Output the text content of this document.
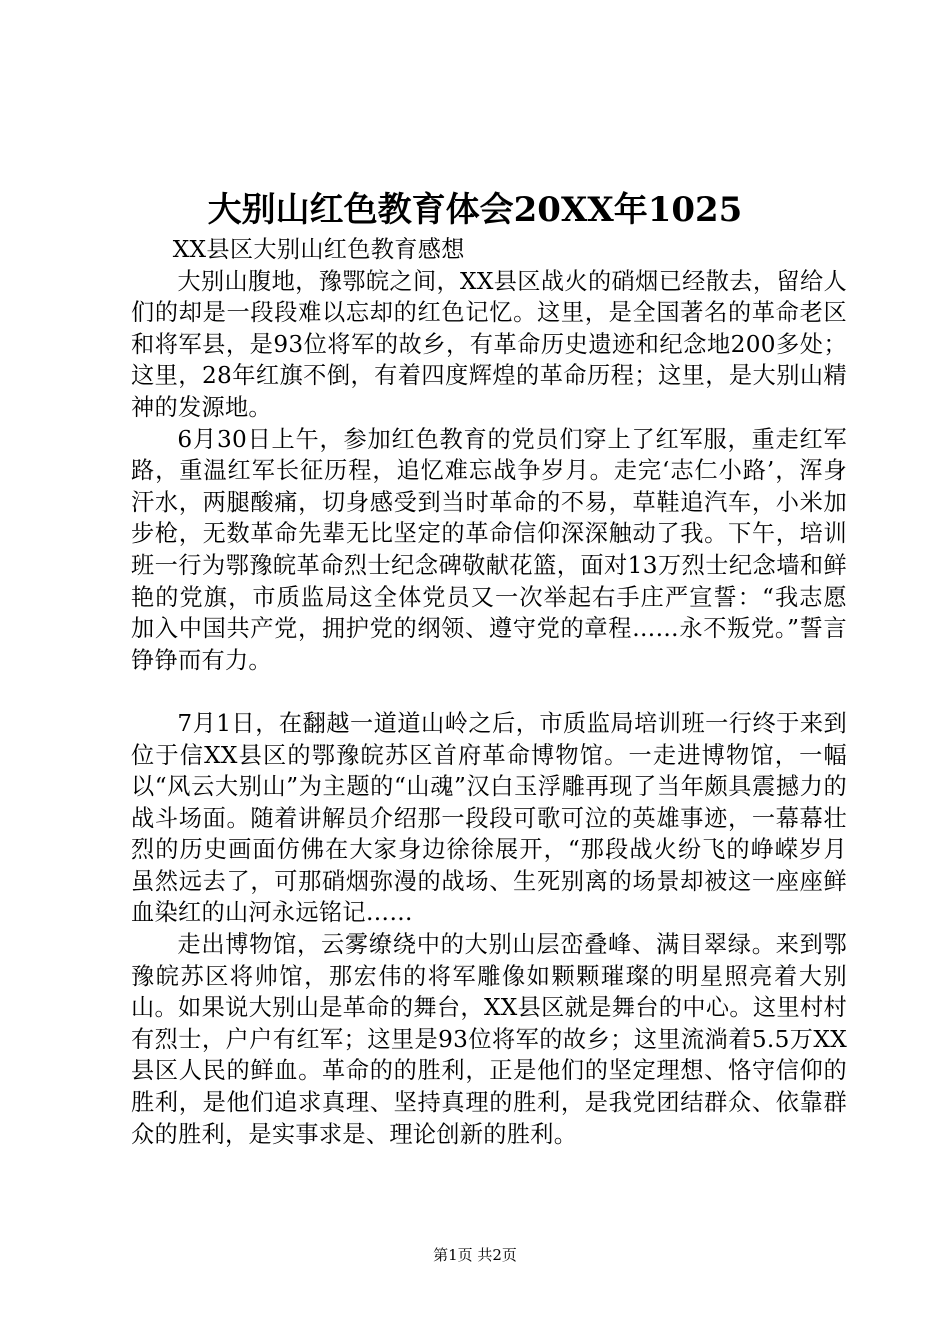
大别山红色教育体会20XX年1025

XX县区大别山红色教育感想

大别山腹地，豫鄂皖之间，XX县区战火的硝烟已经散去，留给人们的却是一段段难以忘却的红色记忆。这里，是全国著名的革命老区和将军县，是93位将军的故乡，有革命历史遗迹和纪念地200多处；这里，28年红旗不倒，有着四度辉煌的革命历程；这里，是大别山精神的发源地。

6月30日上午，参加红色教育的党员们穿上了红军服，重走红军路，重温红军长征历程，追忆难忘战争岁月。走完‘志仁小路’，浑身汗水，两腿酸痛，切身感受到当时革命的不易，草鞋追汽车，小米加步枪，无数革命先辈无比坚定的革命信仰深深触动了我。下午，培训班一行为鄂豫皖革命烈士纪念碑敬献花篮，面对13万烈士纪念墙和鲜艳的党旗，市质监局这全体党员又一次举起右手庄严宣誓：“我志愿加入中国共产党，拥护党的纲领、遵守党的章程……永不叛党。”誓言铮铮而有力。

7月1日，在翻越一道道山岭之后，市质监局培训班一行终于来到位于信XX县区的鄂豫皖苏区首府革命博物馆。一走进博物馆，一幅以“风云大别山”为主题的“山魂”汉白玉浮雕再现了当年颇具震撼力的战斗场面。随着讲解员介绍那一段段可歌可泣的英雄事迹，一幕幕壮烈的历史画面仿佛在大家身边徐徐展开，“那段战火纷飞的峥嵘岁月虽然远去了，可那硝烟弥漫的战场、生死别离的场景却被这一座座鲜血染红的山河永远铭记……

走出博物馆，云雾缭绕中的大别山层峦叠峰、满目翠绿。来到鄂豫皖苏区将帅馆，那宏伟的将军雕像如颗颗璀璨的明星照亮着大别山。如果说大别山是革命的舞台，XX县区就是舞台的中心。这里村村有烈士，户户有红军；这里是93位将军的故乡；这里流淌着5.5万XX县区人民的鲜血。革命的的胜利，正是他们的坚定理想、恪守信仰的胜利，是他们追求真理、坚持真理的胜利，是我党团结群众、依靠群众的胜利，是实事求是、理论创新的胜利。

第1页 共2页
